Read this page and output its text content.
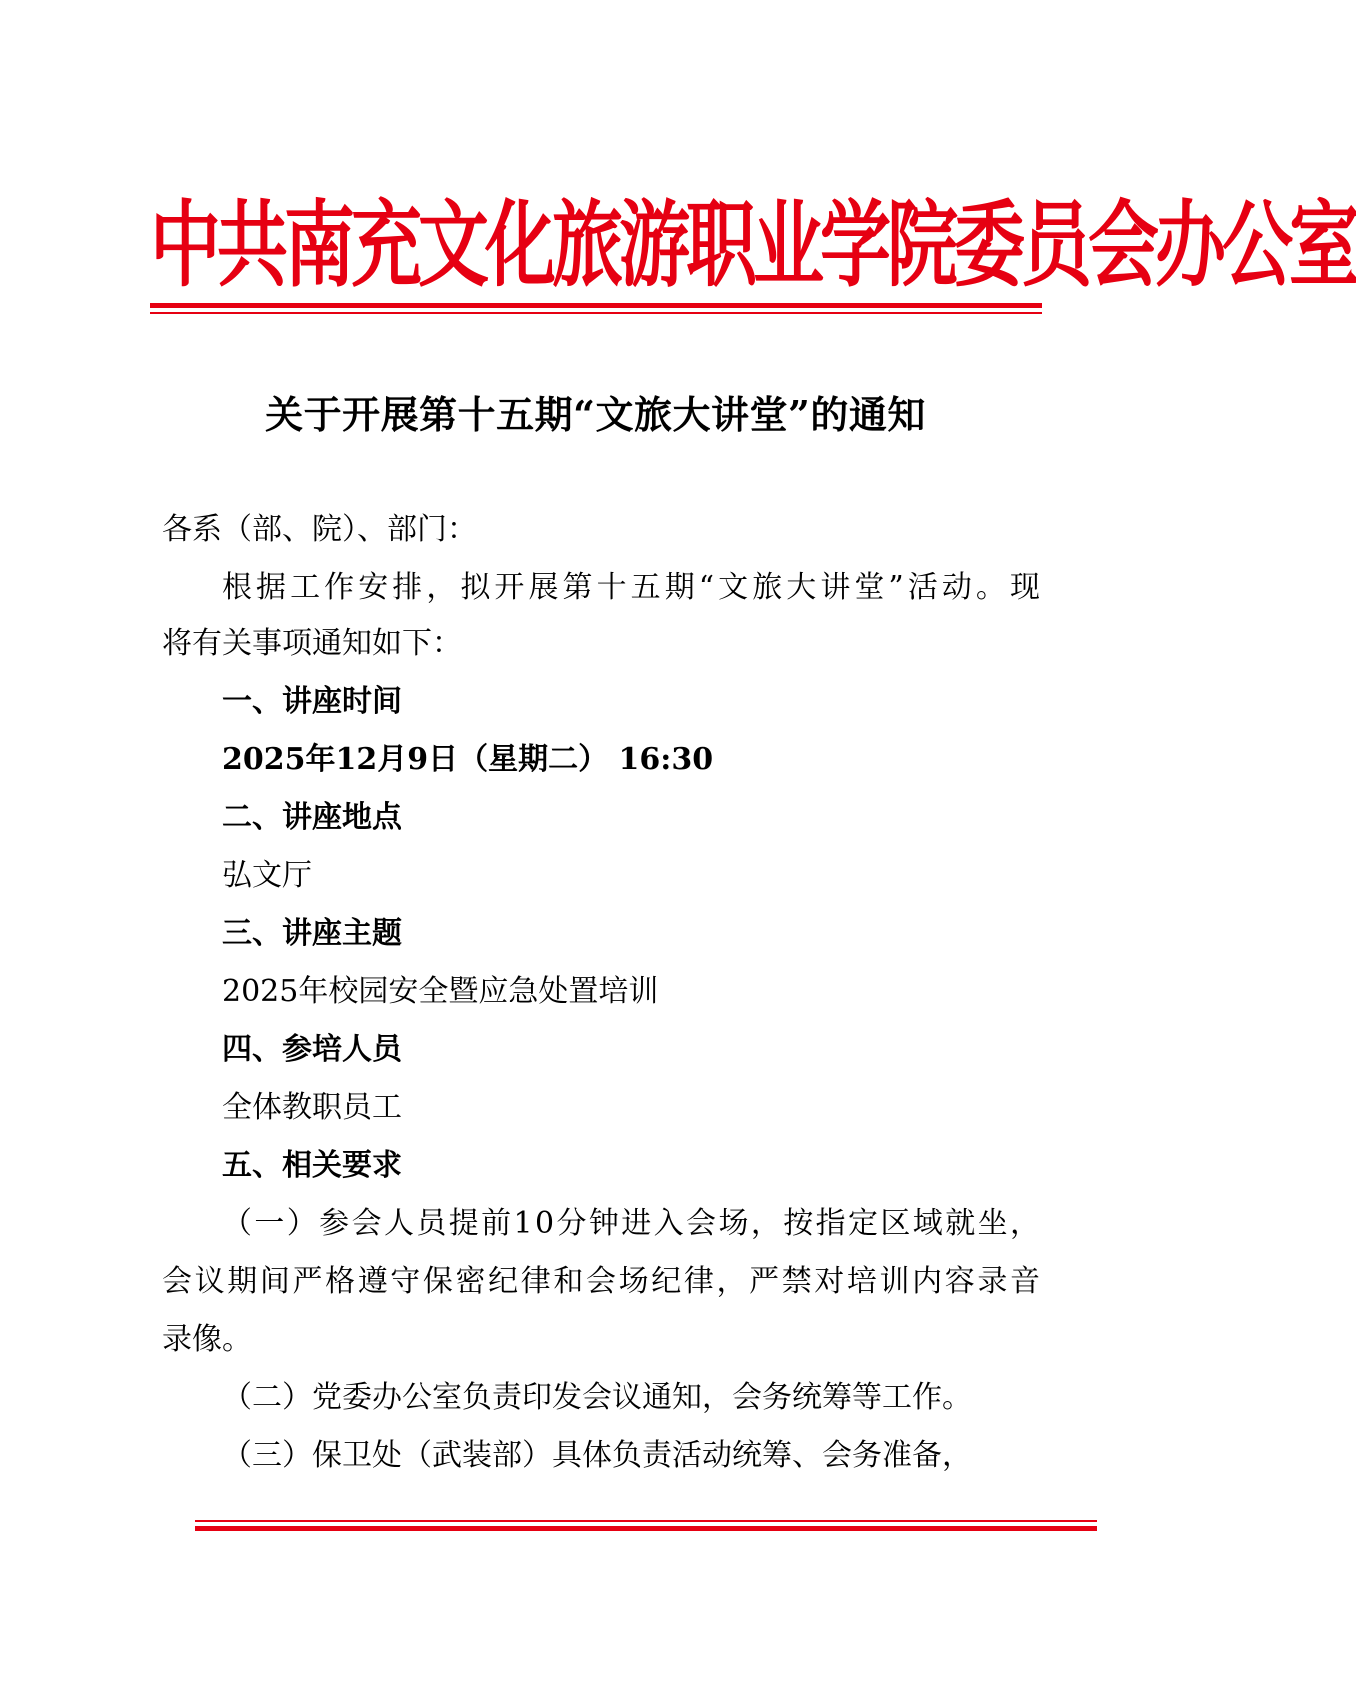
中共南充文化旅游职业学院委员会办公室
关于开展第十五期“文旅大讲堂”的通知
各系（部、院）、部门：
根据工作安排，拟开展第十五期“文旅大讲堂”活动。现
将有关事项通知如下：
一、讲座时间
2025年12月9日（星期二） 16:30
二、讲座地点
弘文厅
三、讲座主题
2025年校园安全暨应急处置培训
四、参培人员
全体教职员工
五、相关要求
（一）参会人员提前10分钟进入会场，按指定区域就坐，
会议期间严格遵守保密纪律和会场纪律，严禁对培训内容录音
录像。
（二）党委办公室负责印发会议通知，会务统筹等工作。
（三）保卫处（武装部）具体负责活动统筹、会务准备，
